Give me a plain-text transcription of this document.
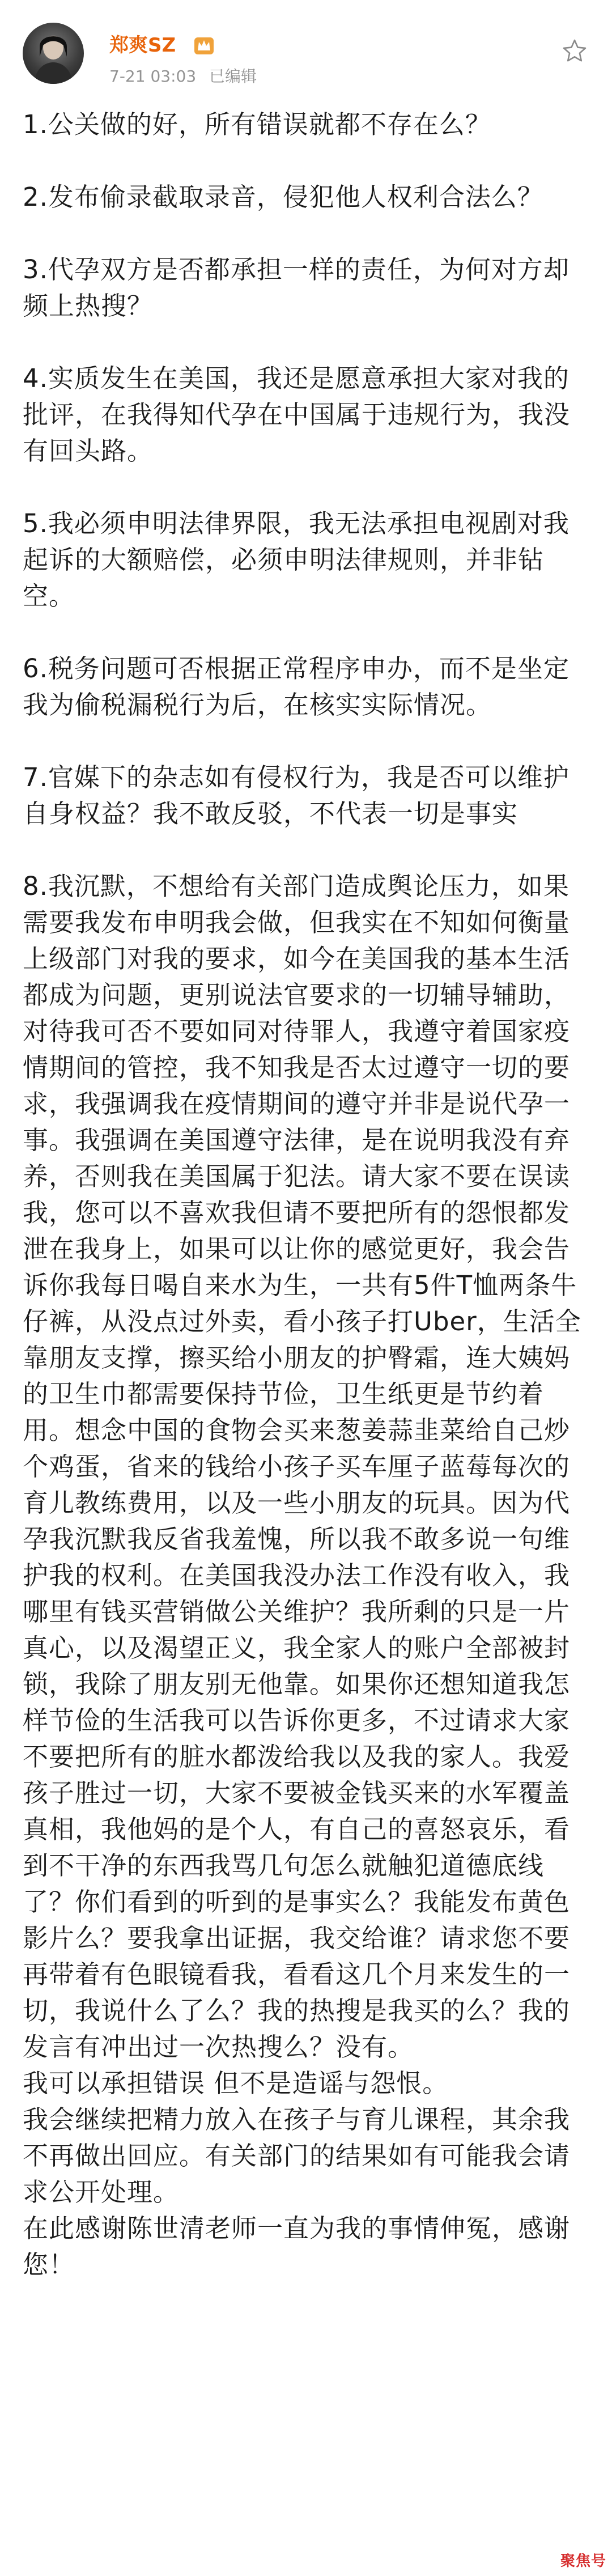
郑爽SZ
7-21 03:03 已编辑

1.公关做的好，所有错误就都不存在么？

2.发布偷录截取录音，侵犯他人权利合法么？

3.代孕双方是否都承担一样的责任，为何对方却频上热搜？

4.实质发生在美国，我还是愿意承担大家对我的批评，在我得知代孕在中国属于违规行为，我没有回头路。

5.我必须申明法律界限，我无法承担电视剧对我起诉的大额赔偿，必须申明法律规则，并非钻空。

6.税务问题可否根据正常程序申办，而不是坐定我为偷税漏税行为后，在核实实际情况。

7.官媒下的杂志如有侵权行为，我是否可以维护自身权益？我不敢反驳，不代表一切是事实

8.我沉默，不想给有关部门造成舆论压力，如果需要我发布申明我会做，但我实在不知如何衡量上级部门对我的要求，如今在美国我的基本生活都成为问题，更别说法官要求的一切辅导辅助，对待我可否不要如同对待罪人，我遵守着国家疫情期间的管控，我不知我是否太过遵守一切的要求，我强调我在疫情期间的遵守并非是说代孕一事。我强调在美国遵守法律，是在说明我没有弃养，否则我在美国属于犯法。请大家不要在误读我，您可以不喜欢我但请不要把所有的怨恨都发泄在我身上，如果可以让你的感觉更好，我会告诉你我每日喝自来水为生，一共有5件T恤两条牛仔裤，从没点过外卖，看小孩子打Uber，生活全靠朋友支撑，擦买给小朋友的护臀霜，连大姨妈的卫生巾都需要保持节俭，卫生纸更是节约着用。想念中国的食物会买来葱姜蒜韭菜给自己炒个鸡蛋，省来的钱给小孩子买车厘子蓝莓每次的育儿教练费用，以及一些小朋友的玩具。因为代孕我沉默我反省我羞愧，所以我不敢多说一句维护我的权利。在美国我没办法工作没有收入，我哪里有钱买营销做公关维护？我所剩的只是一片真心，以及渴望正义，我全家人的账户全部被封锁，我除了朋友别无他靠。如果你还想知道我怎样节俭的生活我可以告诉你更多，不过请求大家不要把所有的脏水都泼给我以及我的家人。我爱孩子胜过一切，大家不要被金钱买来的水军覆盖真相，我他妈的是个人，有自己的喜怒哀乐，看到不干净的东西我骂几句怎么就触犯道德底线了？你们看到的听到的是事实么？我能发布黄色影片么？要我拿出证据，我交给谁？请求您不要再带着有色眼镜看我，看看这几个月来发生的一切，我说什么了么？我的热搜是我买的么？我的发言有冲出过一次热搜么？没有。

我可以承担错误 但不是造谣与怨恨。

我会继续把精力放入在孩子与育儿课程，其余我不再做出回应。有关部门的结果如有可能我会请求公开处理。

在此感谢陈世清老师一直为我的事情伸冤，感谢您！

聚焦号
